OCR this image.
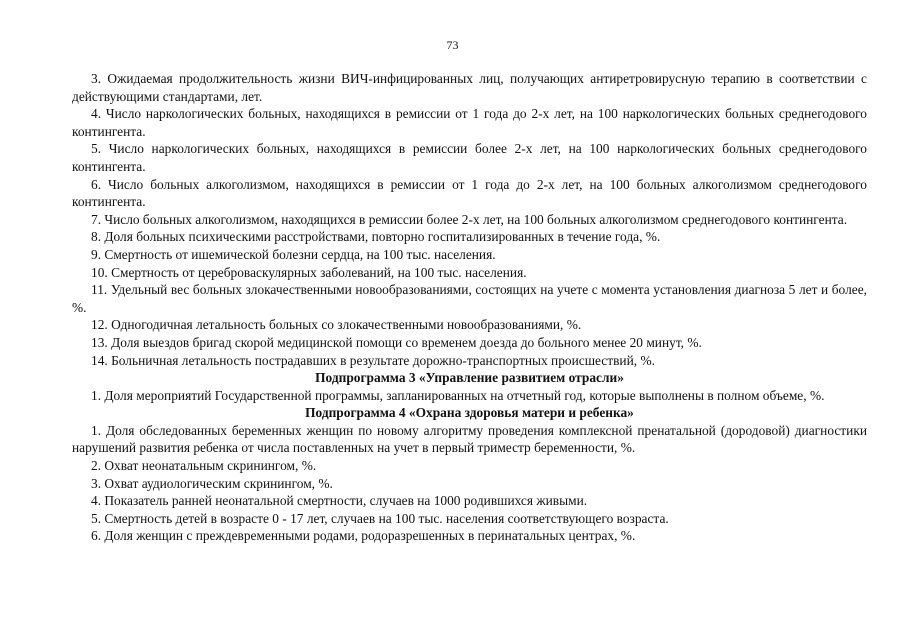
73

3. Ожидаемая продолжительность жизни ВИЧ-инфицированных лиц, получающих антиретровирусную терапию в соответствии с действующими стандартами, лет.

4. Число наркологических больных, находящихся в ремиссии от 1 года до 2-х лет, на 100 наркологических больных среднегодового контингента.

5. Число наркологических больных, находящихся в ремиссии более 2-х лет, на 100 наркологических больных среднегодового контингента.

6. Число больных алкоголизмом, находящихся в ремиссии от 1 года до 2-х лет, на 100 больных алкоголизмом среднегодового контингента.

7. Число больных алкоголизмом, находящихся в ремиссии более 2-х лет, на 100 больных алкоголизмом среднегодового контингента.

8. Доля больных психическими расстройствами, повторно госпитализированных в течение года, %.

9. Смертность от ишемической болезни сердца, на 100 тыс. населения.

10. Смертность от цереброваскулярных заболеваний, на 100 тыс. населения.

11. Удельный вес больных злокачественными новообразованиями, состоящих на учете с момента установления диагноза 5 лет и более, %.

12. Одногодичная летальность больных со злокачественными новообразованиями, %.

13. Доля выездов бригад скорой медицинской помощи со временем доезда до больного менее 20 минут, %.

14. Больничная летальность пострадавших в результате дорожно-транспортных происшествий, %.

Подпрограмма 3 «Управление развитием отрасли»

1. Доля мероприятий Государственной программы, запланированных на отчетный год, которые выполнены в полном объеме, %.

Подпрограмма 4 «Охрана здоровья матери и ребенка»

1. Доля обследованных беременных женщин по новому алгоритму проведения комплексной пренатальной (дородовой) диагностики нарушений развития ребенка от числа поставленных на учет в первый триместр беременности, %.

2. Охват неонатальным скринингом, %.

3. Охват аудиологическим скринингом, %.

4. Показатель ранней неонатальной смертности, случаев на 1000 родившихся живыми.

5. Смертность детей в возрасте 0 - 17 лет, случаев на 100 тыс. населения соответствующего возраста.

6. Доля женщин с преждевременными родами, родоразрешенных в перинатальных центрах, %.
